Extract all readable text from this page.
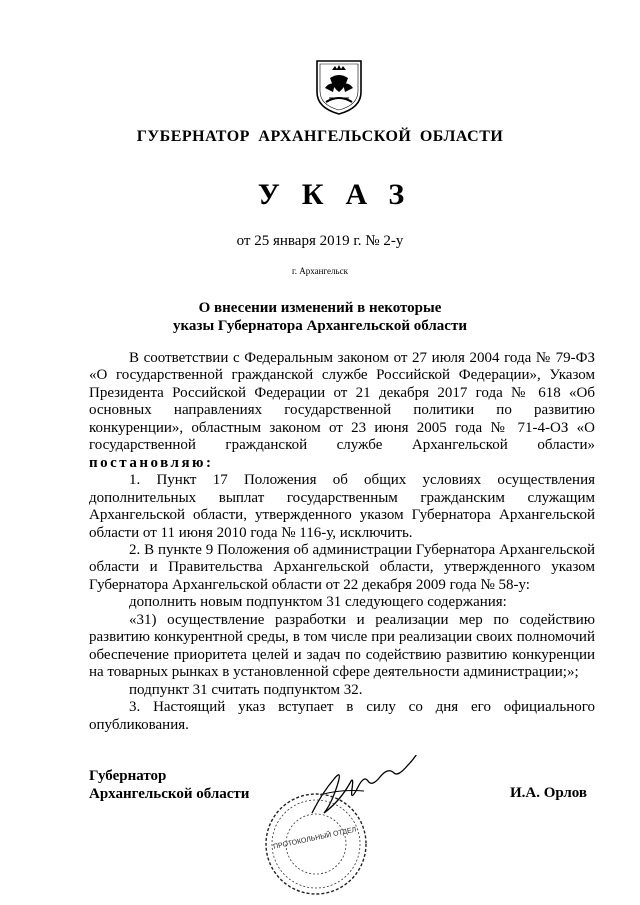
ГУБЕРНАТОР АРХАНГЕЛЬСКОЙ ОБЛАСТИ
УКАЗ
от 25 января 2019 г. № 2-у
г. Архангельск
О внесении изменений в некоторые
указы Губернатора Архангельской области

В соответствии с Федеральным законом от 27 июля 2004 года № 79-ФЗ «О государственной гражданской службе Российской Федерации», Указом Президента Российской Федерации от 21 декабря 2017 года № 618 «Об основных направлениях государственной политики по развитию конкуренции», областным законом от 23 июня 2005 года № 71-4-ОЗ «О государственной гражданской службе Архангельской области» постановляю:

1. Пункт 17 Положения об общих условиях осуществления дополнительных выплат государственным гражданским служащим Архангельской области, утвержденного указом Губернатора Архангельской области от 11 июня 2010 года № 116-у, исключить.

2. В пункте 9 Положения об администрации Губернатора Архангельской области и Правительства Архангельской области, утвержденного указом Губернатора Архангельской области от 22 декабря 2009 года № 58-у:

дополнить новым подпунктом 31 следующего содержания:

«31) осуществление разработки и реализации мер по содействию развитию конкурентной среды, в том числе при реализации своих полномочий обеспечение приоритета целей и задач по содействию развитию конкуренции на товарных рынках в установленной сфере деятельности администрации;»;

подпункт 31 считать подпунктом 32.

3. Настоящий указ вступает в силу со дня его официального опубликования.

Губернатор
Архангельской области	И.А. Орлов
ПРОТОКОЛЬНЫЙ ОТДЕЛ
